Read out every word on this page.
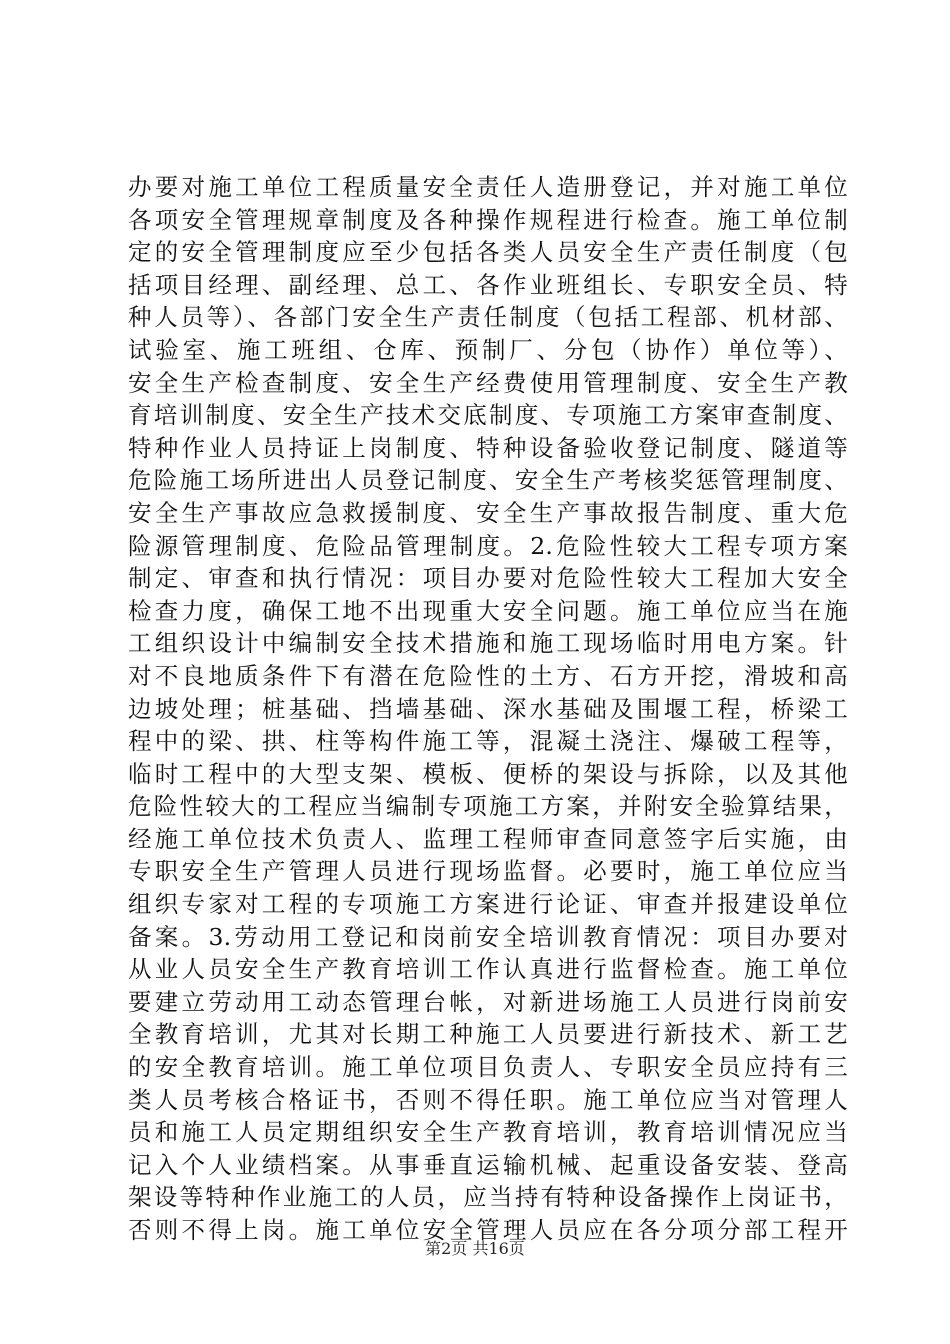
办要对施工单位工程质量安全责任人造册登记，并对施工单位
各项安全管理规章制度及各种操作规程进行检查。施工单位制
定的安全管理制度应至少包括各类人员安全生产责任制度（包
括项目经理、副经理、总工、各作业班组长、专职安全员、特
种人员等）、各部门安全生产责任制度（包括工程部、机材部、
试验室、施工班组、仓库、预制厂、分包（协作）单位等）、
安全生产检查制度、安全生产经费使用管理制度、安全生产教
育培训制度、安全生产技术交底制度、专项施工方案审查制度、
特种作业人员持证上岗制度、特种设备验收登记制度、隧道等
危险施工场所进出人员登记制度、安全生产考核奖惩管理制度、
安全生产事故应急救援制度、安全生产事故报告制度、重大危
险源管理制度、危险品管理制度。2.危险性较大工程专项方案
制定、审查和执行情况：项目办要对危险性较大工程加大安全
检查力度，确保工地不出现重大安全问题。施工单位应当在施
工组织设计中编制安全技术措施和施工现场临时用电方案。针
对不良地质条件下有潜在危险性的土方、石方开挖，滑坡和高
边坡处理；桩基础、挡墙基础、深水基础及围堰工程，桥梁工
程中的梁、拱、柱等构件施工等，混凝土浇注、爆破工程等，
临时工程中的大型支架、模板、便桥的架设与拆除，以及其他
危险性较大的工程应当编制专项施工方案，并附安全验算结果，
经施工单位技术负责人、监理工程师审查同意签字后实施，由
专职安全生产管理人员进行现场监督。必要时，施工单位应当
组织专家对工程的专项施工方案进行论证、审查并报建设单位
备案。3.劳动用工登记和岗前安全培训教育情况：项目办要对
从业人员安全生产教育培训工作认真进行监督检查。施工单位
要建立劳动用工动态管理台帐，对新进场施工人员进行岗前安
全教育培训，尤其对长期工种施工人员要进行新技术、新工艺
的安全教育培训。施工单位项目负责人、专职安全员应持有三
类人员考核合格证书，否则不得任职。施工单位应当对管理人
员和施工人员定期组织安全生产教育培训，教育培训情况应当
记入个人业绩档案。从事垂直运输机械、起重设备安装、登高
架设等特种作业施工的人员，应当持有特种设备操作上岗证书，
否则不得上岗。施工单位安全管理人员应在各分项分部工程开
第2页 共16页
